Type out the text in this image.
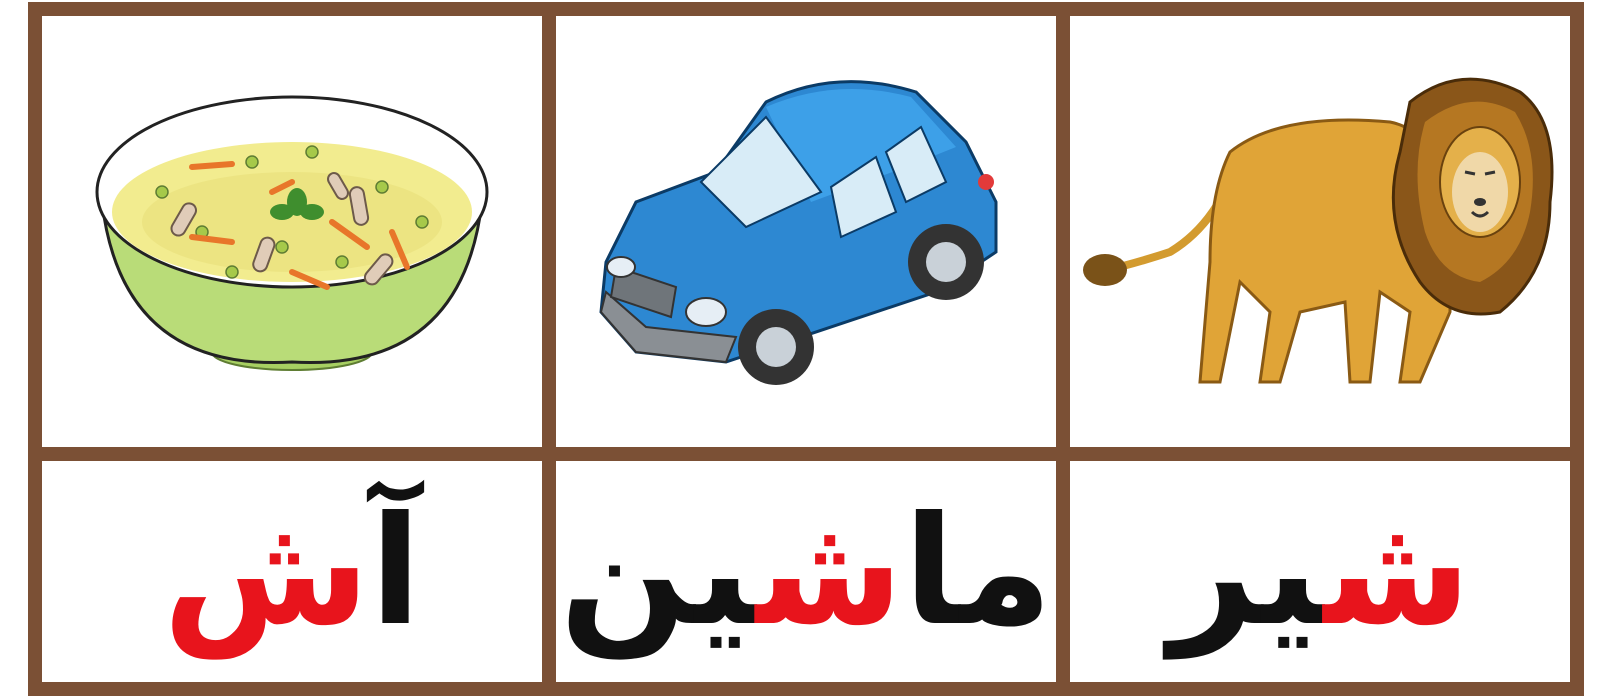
آش	ماشین	شیر
